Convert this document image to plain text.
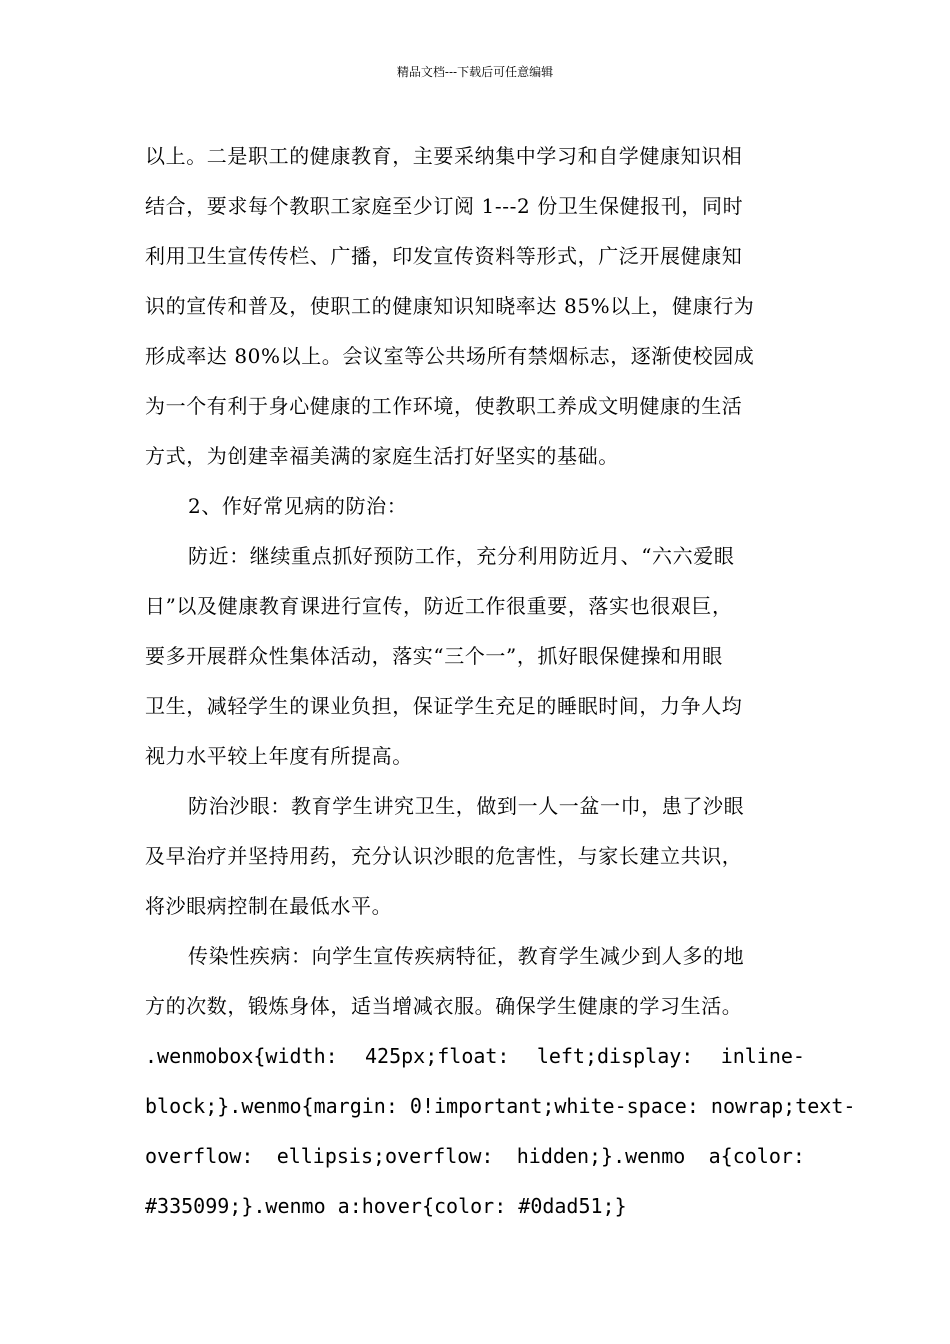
精品文档---下载后可任意编辑
以上。二是职工的健康教育，主要采纳集中学习和自学健康知识相
结合，要求每个教职工家庭至少订阅 1---2 份卫生保健报刊，同时
利用卫生宣传传栏、广播，印发宣传资料等形式，广泛开展健康知
识的宣传和普及，使职工的健康知识知晓率达 85%以上，健康行为
形成率达 80%以上。会议室等公共场所有禁烟标志，逐渐使校园成
为一个有利于身心健康的工作环境，使教职工养成文明健康的生活
方式，为创建幸福美满的家庭生活打好坚实的基础。
2、作好常见病的防治：
防近：继续重点抓好预防工作，充分利用防近月、“六六爱眼
日”以及健康教育课进行宣传，防近工作很重要，落实也很艰巨，
要多开展群众性集体活动，落实“三个一”，抓好眼保健操和用眼
卫生，减轻学生的课业负担，保证学生充足的睡眠时间，力争人均
视力水平较上年度有所提高。
防治沙眼：教育学生讲究卫生，做到一人一盆一巾，患了沙眼
及早治疗并坚持用药，充分认识沙眼的危害性，与家长建立共识，
将沙眼病控制在最低水平。
传染性疾病：向学生宣传疾病特征，教育学生减少到人多的地
方的次数，锻炼身体，适当增减衣服。确保学生健康的学习生活。
.wenmobox{width: 425px;float: left;display: inline-
block;}.wenmo{margin: 0!important;white-space: nowrap;text-
overflow: ellipsis;overflow: hidden;}.wenmo a{color:
#335099;}.wenmo a:hover{color: #0dad51;}
